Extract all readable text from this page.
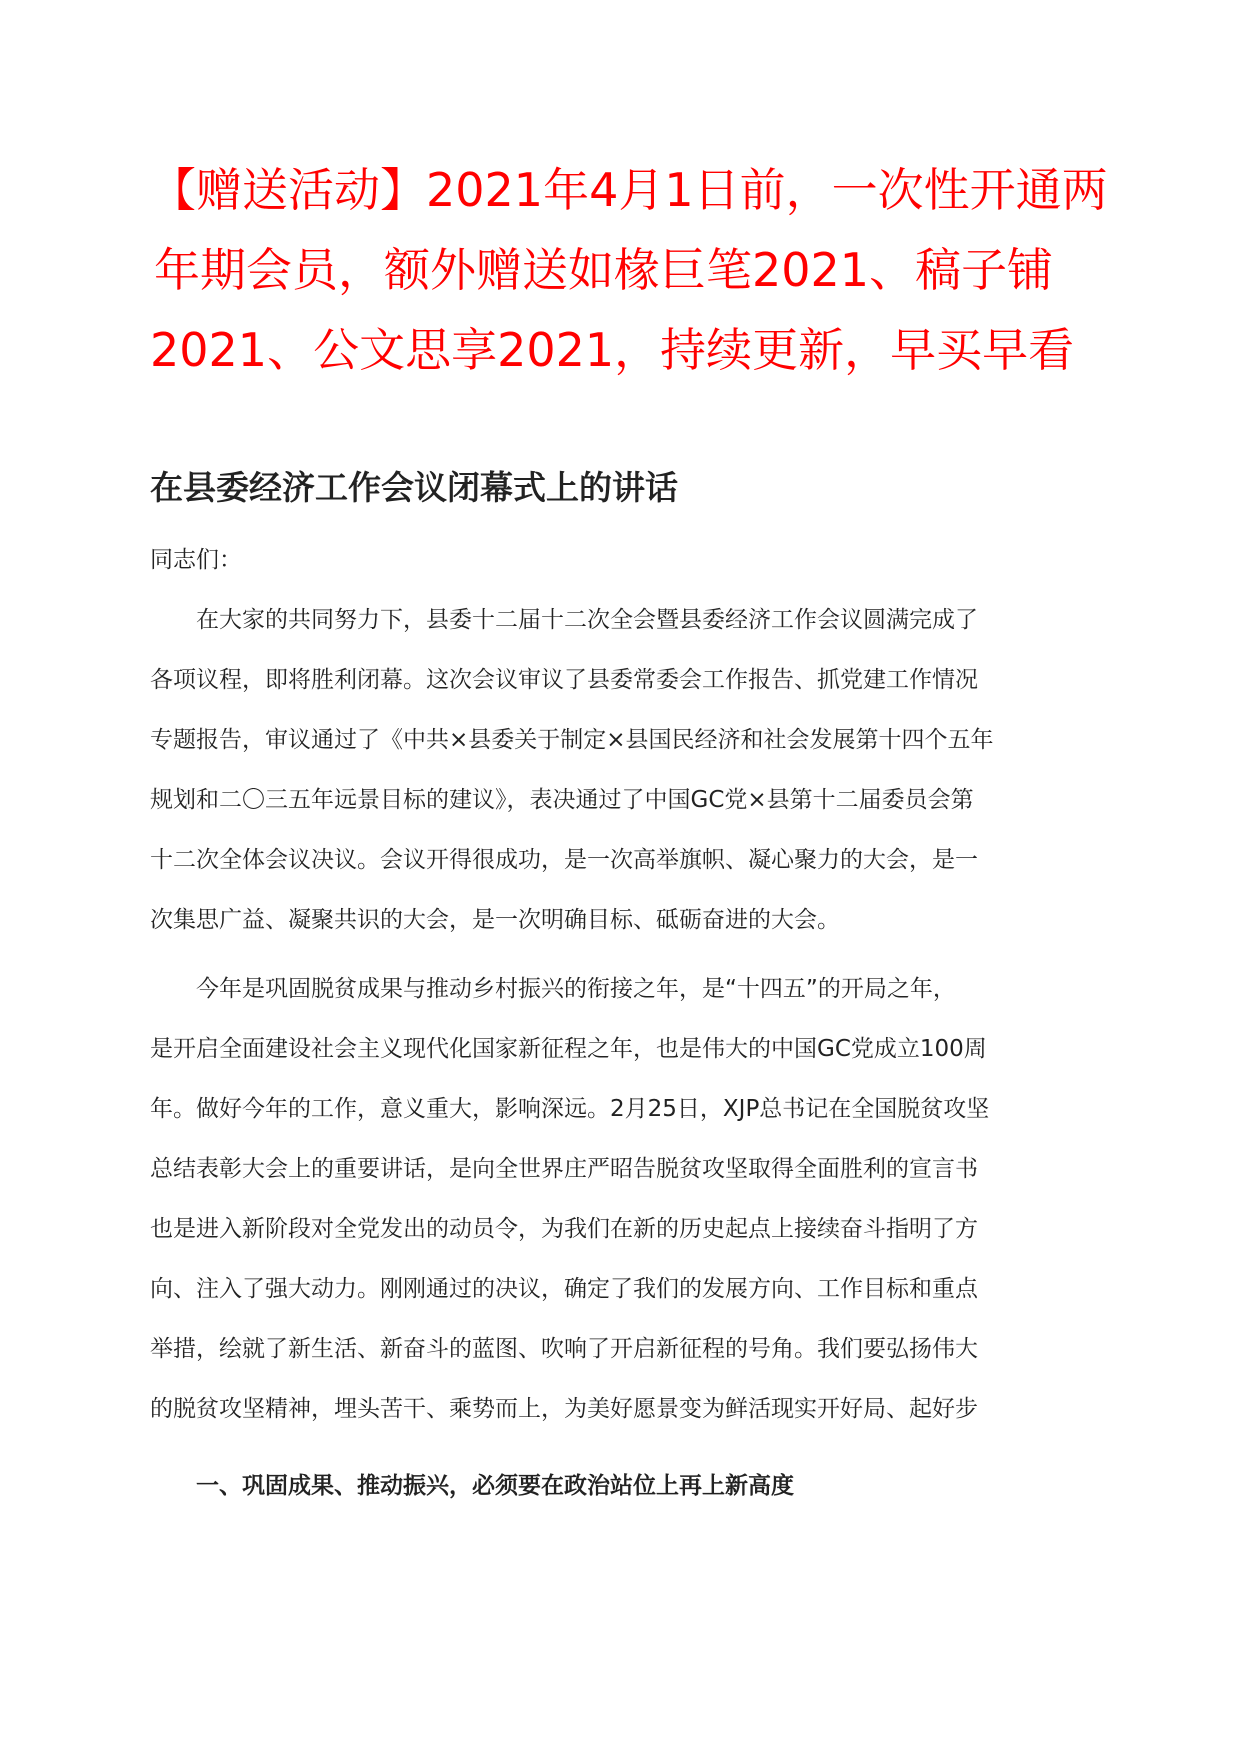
【赠送活动】2021年4月1日前，一次性开通两
年期会员，额外赠送如椽巨笔2021、稿子铺
2021、公文思享2021，持续更新，早买早看
在县委经济工作会议闭幕式上的讲话

同志们：

在大家的共同努力下，县委十二届十二次全会暨县委经济工作会议圆满完成了
各项议程，即将胜利闭幕。这次会议审议了县委常委会工作报告、抓党建工作情况
专题报告，审议通过了《中共×县委关于制定×县国民经济和社会发展第十四个五年
规划和二〇三五年远景目标的建议》，表决通过了中国GC党×县第十二届委员会第
十二次全体会议决议。会议开得很成功，是一次高举旗帜、凝心聚力的大会，是一
次集思广益、凝聚共识的大会，是一次明确目标、砥砺奋进的大会。

今年是巩固脱贫成果与推动乡村振兴的衔接之年，是“十四五”的开局之年，
是开启全面建设社会主义现代化国家新征程之年，也是伟大的中国GC党成立100周
年。做好今年的工作，意义重大，影响深远。2月25日，XJP总书记在全国脱贫攻坚
总结表彰大会上的重要讲话，是向全世界庄严昭告脱贫攻坚取得全面胜利的宣言书
也是进入新阶段对全党发出的动员令，为我们在新的历史起点上接续奋斗指明了方
向、注入了强大动力。刚刚通过的决议，确定了我们的发展方向、工作目标和重点
举措，绘就了新生活、新奋斗的蓝图、吹响了开启新征程的号角。我们要弘扬伟大
的脱贫攻坚精神，埋头苦干、乘势而上，为美好愿景变为鲜活现实开好局、起好步

一、巩固成果、推动振兴，必须要在政治站位上再上新高度
